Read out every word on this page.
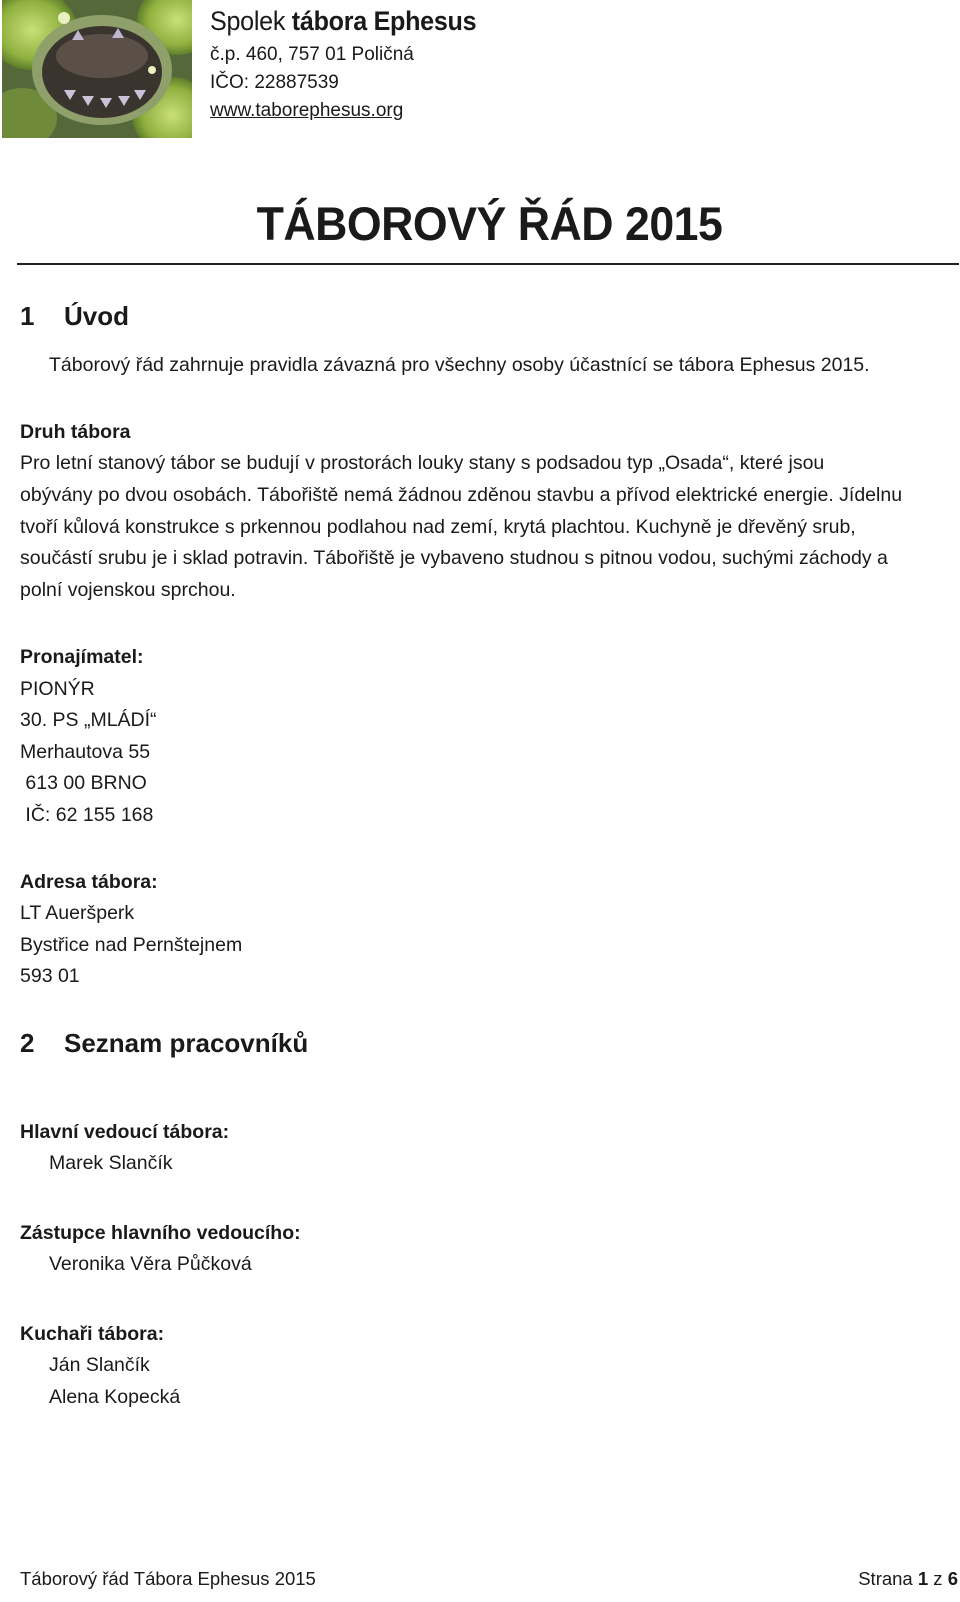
Spolek tábora Ephesus
č.p. 460, 757 01 Poličná
IČO: 22887539
www.taborephesus.org
TÁBOROVÝ ŘÁD 2015
1 Úvod
Táborový řád zahrnuje pravidla závazná pro všechny osoby účastnící se tábora Ephesus 2015.
Druh tábora
Pro letní stanový tábor se budují v prostorách louky stany s podsadou typ „Osada“, které jsou
obývány po dvou osobách. Tábořiště nemá žádnou zděnou stavbu a přívod elektrické energie. Jídelnu
tvoří kůlová konstrukce s prkennou podlahou nad zemí, krytá plachtou. Kuchyně je dřevěný srub,
součástí srubu je i sklad potravin. Tábořiště je vybaveno studnou s pitnou vodou, suchými záchody a
polní vojenskou sprchou.
Pronajímatel:
PIONÝR
30. PS „MLÁDÍ“
Merhautova 55
613 00 BRNO
IČ: 62 155 168
Adresa tábora:
LT Aueršperk
Bystřice nad Pernštejnem
593 01
2 Seznam pracovníků
Hlavní vedoucí tábora:
Marek Slančík
Zástupce hlavního vedoucího:
Veronika Věra Půčková
Kuchaři tábora:
Ján Slančík
Alena Kopecká
Táborový řád Tábora Ephesus 2015	Strana 1 z 6
